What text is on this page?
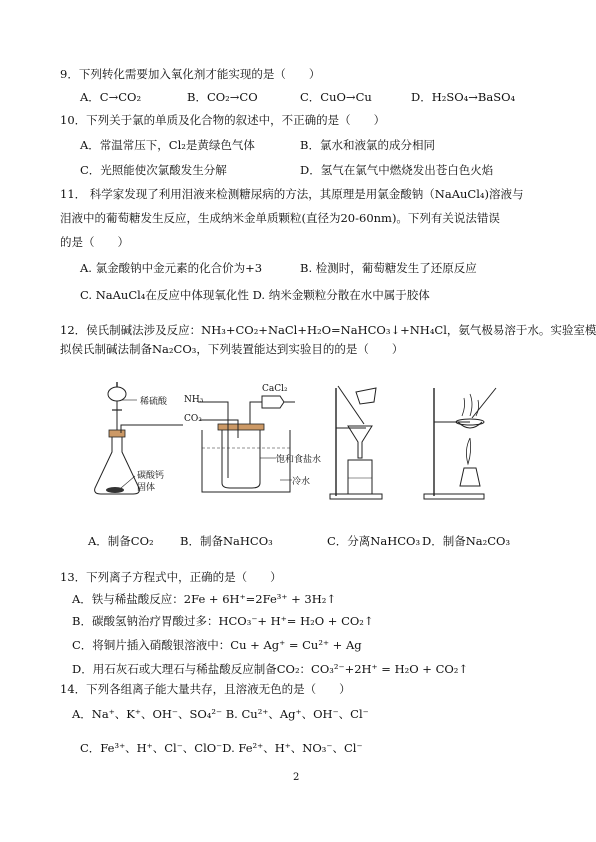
9．下列转化需要加入氧化剂才能实现的是（　　）
A．C→CO₂	B．CO₂→CO	C．CuO→Cu	D．H₂SO₄→BaSO₄
10．下列关于氯的单质及化合物的叙述中，不正确的是（　　）
A．常温常压下，Cl₂是黄绿色气体	B．氯水和液氯的成分相同
C．光照能使次氯酸发生分解	D．氢气在氯气中燃烧发出苍白色火焰
11． 科学家发现了利用泪液来检测糖尿病的方法，其原理是用氯金酸钠（NaAuCl₄)溶液与
泪液中的葡萄糖发生反应，生成纳米金单质颗粒(直径为20-60nm)。下列有关说法错误
的是（　　）
A. 氯金酸钠中金元素的化合价为+3	B. 检测时，葡萄糖发生了还原反应
C. NaAuCl₄在反应中体现氧化性 D. 纳米金颗粒分散在水中属于胶体
12．侯氏制碱法涉及反应：NH₃+CO₂+NaCl+H₂O=NaHCO₃↓+NH₄Cl，氨气极易溶于水。实验室模
拟侯氏制碱法制备Na₂CO₃，下列装置能达到实验目的的是（　　）
稀硫酸
碳酸钙
固体
NH₃
CO₂
CaCl₂
饱和食盐水
冷水
A．制备CO₂ B．制备NaHCO₃	C．分离NaHCO₃ D．制备Na₂CO₃
13．下列离子方程式中，正确的是（　　）
A．铁与稀盐酸反应：2Fe + 6H⁺=2Fe³⁺ + 3H₂↑
B．碳酸氢钠治疗胃酸过多：HCO₃⁻+ H⁺= H₂O + CO₂↑
C．将铜片插入硝酸银溶液中：Cu + Ag⁺ = Cu²⁺ + Ag
D．用石灰石或大理石与稀盐酸反应制备CO₂：CO₃²⁻+2H⁺ = H₂O + CO₂↑
14．下列各组离子能大量共存，且溶液无色的是（　　）
A．Na⁺、K⁺、OH⁻、SO₄²⁻ B. Cu²⁺、Ag⁺、OH⁻、Cl⁻
C．Fe³⁺、H⁺、Cl⁻、ClO⁻D. Fe²⁺、H⁺、NO₃⁻、Cl⁻
2
